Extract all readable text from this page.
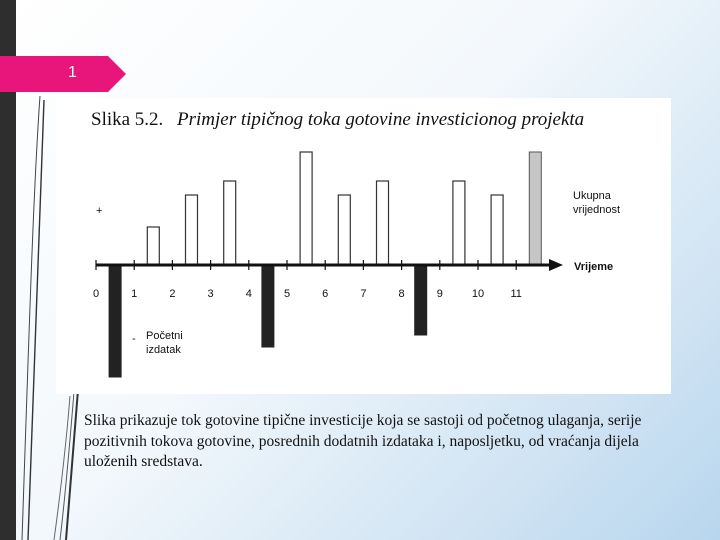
1
Slika 5.2. Primjer tipičnog toka gotovine investicionog projekta
0	1	2	3	4	5	6	7	8	9	10 11
+
-
Ukupna
vrijednost
Vrijeme
Početni
izdatak
Slika prikazuje tok gotovine tipične investicije koja se sastoji od početnog ulaganja, serije pozitivnih tokova gotovine, posrednih dodatnih izdataka i, naposljetku, od vraćanja dijela uloženih sredstava.
